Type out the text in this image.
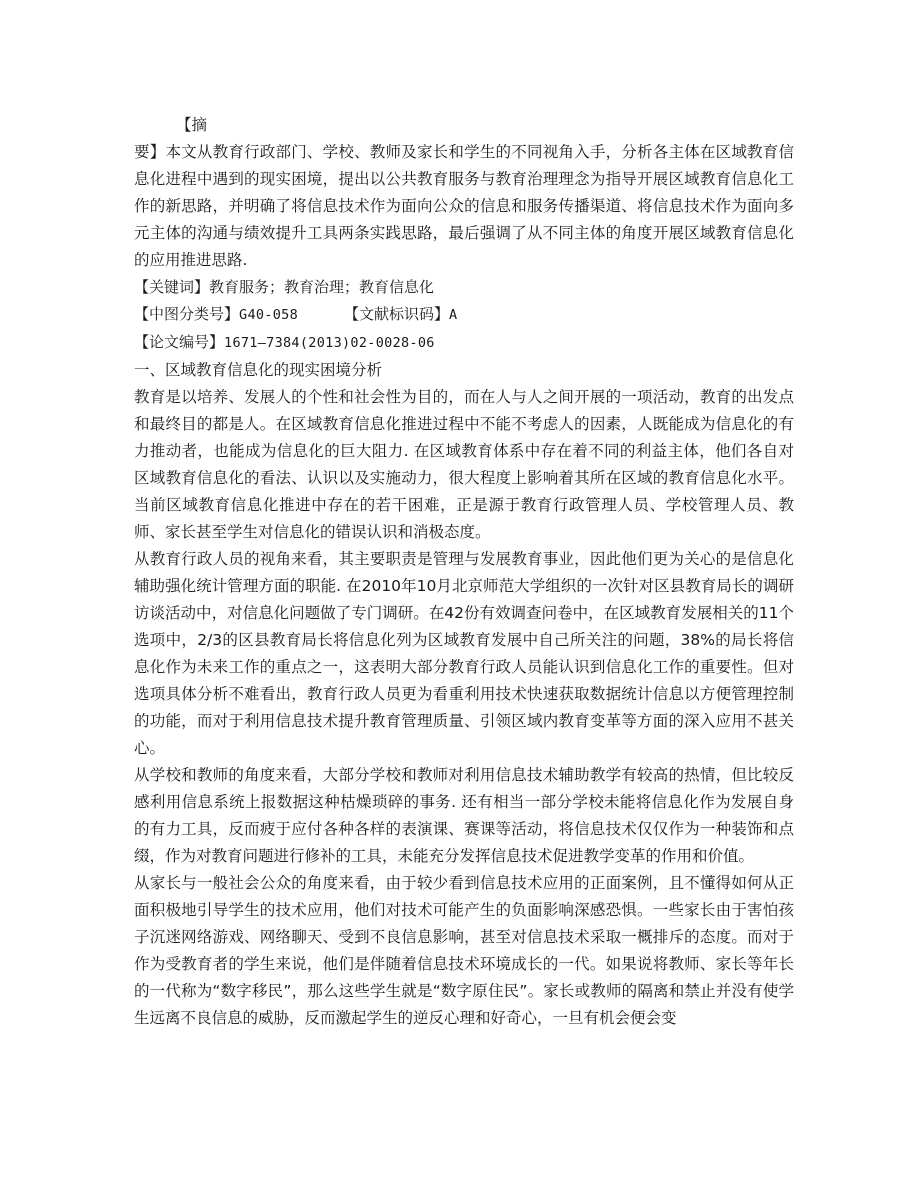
【摘

要】本文从教育行政部门、学校、教师及家长和学生的不同视角入手，分析各主体在区域教育信息化进程中遇到的现实困境，提出以公共教育服务与教育治理理念为指导开展区域教育信息化工作的新思路，并明确了将信息技术作为面向公众的信息和服务传播渠道、将信息技术作为面向多元主体的沟通与绩效提升工具两条实践思路，最后强调了从不同主体的角度开展区域教育信息化的应用推进思路.

【关键词】教育服务；教育治理；教育信息化

【中图分类号】G40-058	【文献标识码】A

【论文编号】1671—7384(2013)02-0028-06

一、区域教育信息化的现实困境分析

教育是以培养、发展人的个性和社会性为目的，而在人与人之间开展的一项活动，教育的出发点和最终目的都是人。在区域教育信息化推进过程中不能不考虑人的因素，人既能成为信息化的有力推动者，也能成为信息化的巨大阻力. 在区域教育体系中存在着不同的利益主体，他们各自对区域教育信息化的看法、认识以及实施动力，很大程度上影响着其所在区域的教育信息化水平。当前区域教育信息化推进中存在的若干困难，正是源于教育行政管理人员、学校管理人员、教师、家长甚至学生对信息化的错误认识和消极态度。

从教育行政人员的视角来看，其主要职责是管理与发展教育事业，因此他们更为关心的是信息化辅助强化统计管理方面的职能. 在2010年10月北京师范大学组织的一次针对区县教育局长的调研访谈活动中，对信息化问题做了专门调研。在42份有效调查问卷中，在区域教育发展相关的11个选项中，2/3的区县教育局长将信息化列为区域教育发展中自己所关注的问题，38%的局长将信息化作为未来工作的重点之一，这表明大部分教育行政人员能认识到信息化工作的重要性。但对选项具体分析不难看出，教育行政人员更为看重利用技术快速获取数据统计信息以方便管理控制的功能，而对于利用信息技术提升教育管理质量、引领区域内教育变革等方面的深入应用不甚关心。

从学校和教师的角度来看，大部分学校和教师对利用信息技术辅助教学有较高的热情，但比较反感利用信息系统上报数据这种枯燥琐碎的事务. 还有相当一部分学校未能将信息化作为发展自身的有力工具，反而疲于应付各种各样的表演课、赛课等活动，将信息技术仅仅作为一种装饰和点缀，作为对教育问题进行修补的工具，未能充分发挥信息技术促进教学变革的作用和价值。

从家长与一般社会公众的角度来看，由于较少看到信息技术应用的正面案例，且不懂得如何从正面积极地引导学生的技术应用，他们对技术可能产生的负面影响深感恐惧。一些家长由于害怕孩子沉迷网络游戏、网络聊天、受到不良信息影响，甚至对信息技术采取一概排斥的态度。而对于作为受教育者的学生来说，他们是伴随着信息技术环境成长的一代。如果说将教师、家长等年长的一代称为“数字移民”，那么这些学生就是“数字原住民”。家长或教师的隔离和禁止并没有使学生远离不良信息的威胁，反而激起学生的逆反心理和好奇心，一旦有机会便会变
